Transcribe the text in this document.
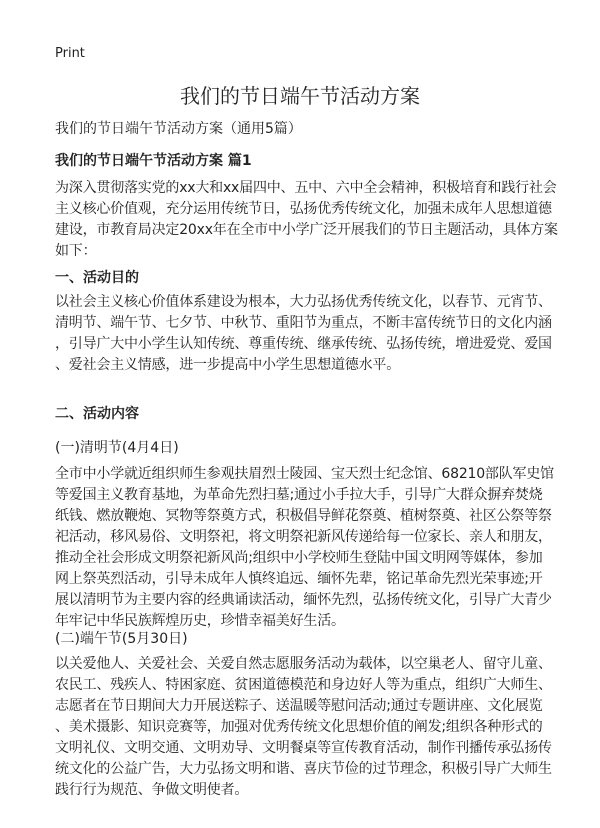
Print
我们的节日端午节活动方案
我们的节日端午节活动方案（通用5篇）
我们的节日端午节活动方案 篇1
为深入贯彻落实党的xx大和xx届四中、五中、六中全会精神，积极培育和践行社会
主义核心价值观，充分运用传统节日，弘扬优秀传统文化，加强未成年人思想道德
建设，市教育局决定20xx年在全市中小学广泛开展我们的节日主题活动，具体方案
如下：
一、活动目的
以社会主义核心价值体系建设为根本，大力弘扬优秀传统文化，以春节、元宵节、
清明节、端午节、七夕节、中秋节、重阳节为重点，不断丰富传统节日的文化内涵
，引导广大中小学生认知传统、尊重传统、继承传统、弘扬传统，增进爱党、爱国
、爱社会主义情感，进一步提高中小学生思想道德水平。
二、活动内容
(一)清明节(4月4日)
全市中小学就近组织师生参观扶眉烈士陵园、宝天烈士纪念馆、68210部队军史馆
等爱国主义教育基地，为革命先烈扫墓;通过小手拉大手，引导广大群众摒弃焚烧
纸钱、燃放鞭炮、冥物等祭奠方式，积极倡导鲜花祭奠、植树祭奠、社区公祭等祭
祀活动，移风易俗、文明祭祀，将文明祭祀新风传递给每一位家长、亲人和朋友，
推动全社会形成文明祭祀新风尚;组织中小学校师生登陆中国文明网等媒体，参加
网上祭英烈活动，引导未成年人慎终追远、缅怀先辈，铭记革命先烈光荣事迹;开
展以清明节为主要内容的经典诵读活动，缅怀先烈，弘扬传统文化，引导广大青少
年牢记中华民族辉煌历史，珍惜幸福美好生活。
(二)端午节(5月30日)
以关爱他人、关爱社会、关爱自然志愿服务活动为载体，以空巢老人、留守儿童、
农民工、残疾人、特困家庭、贫困道德模范和身边好人等为重点，组织广大师生、
志愿者在节日期间大力开展送粽子、送温暖等慰问活动;通过专题讲座、文化展览
、美术摄影、知识竞赛等，加强对优秀传统文化思想价值的阐发;组织各种形式的
文明礼仪、文明交通、文明劝导、文明餐桌等宣传教育活动，制作刊播传承弘扬传
统文化的公益广告，大力弘扬文明和谐、喜庆节俭的过节理念，积极引导广大师生
践行行为规范、争做文明使者。
